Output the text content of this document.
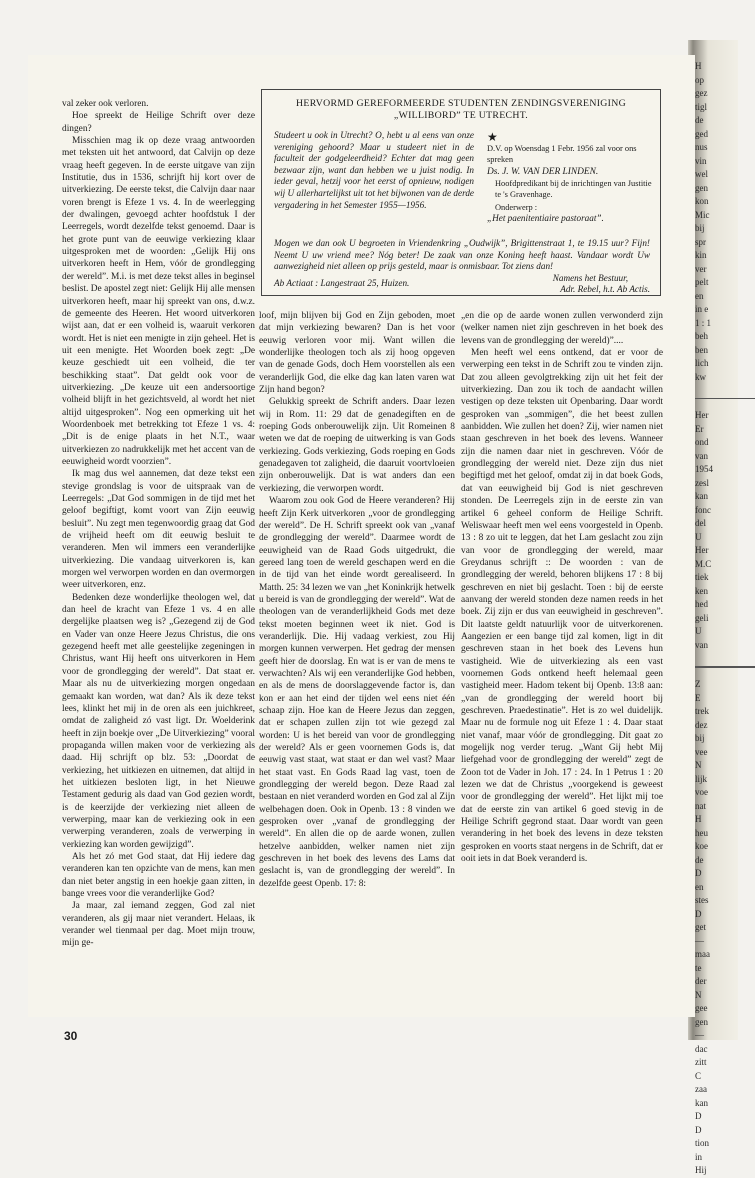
val zeker ook verloren.

Hoe spreekt de Heilige Schrift over deze dingen?

Misschien mag ik op deze vraag antwoorden met teksten uit het antwoord, dat Calvijn op deze vraag heeft gegeven. In de eerste uitgave van zijn Institutie, dus in 1536, schrijft hij kort over de uitverkiezing. De eerste tekst, die Calvijn daar naar voren brengt is Efeze 1 vs. 4. In de weerlegging der dwalingen, gevoegd achter hoofdstuk I der Leerregels, wordt dezelfde tekst genoemd. Daar is het grote punt van de eeuwige verkiezing klaar uitgesproken met de woorden: „Gelijk Hij ons uitverkoren heeft in Hem, vóór de grondlegging der wereld”. M.i. is met deze tekst alles in beginsel beslist. De apostel zegt niet: Gelijk Hij alle mensen uitverkoren heeft, maar hij spreekt van ons, d.w.z. de gemeente des Heeren. Het woord uitverkoren wijst aan, dat er een volheid is, waaruit verkoren wordt. Het is niet een menigte in zijn geheel. Het is uit een menigte. Het Woorden boek zegt: „De keuze geschiedt uit een volheid, die ter beschikking staat”. Dat geldt ook voor de uitverkiezing. „De keuze uit een andersoortige volheid blijft in het gezichtsveld, al wordt het niet altijd uitgesproken”. Nog een opmerking uit het Woordenboek met betrekking tot Efeze 1 vs. 4: „Dit is de enige plaats in het N.T., waar uitverkiezen zo nadrukkelijk met het accent van de eeuwigheid wordt voorzien”.

Ik mag dus wel aannemen, dat deze tekst een stevige grondslag is voor de uitspraak van de Leerregels: „Dat God sommigen in de tijd met het geloof begiftigt, komt voort van Zijn eeuwig besluit”. Nu zegt men tegenwoordig graag dat God de vrijheid heeft om dit eeuwig besluit te veranderen. Men wil immers een veranderlijke uitverkiezing. Die vandaag uitverkoren is, kan morgen wel verworpen worden en dan overmorgen weer uitverkoren, enz.

Bedenken deze wonderlijke theologen wel, dat dan heel de kracht van Efeze 1 vs. 4 en alle dergelijke plaatsen weg is? „Gezegend zij de God en Vader van onze Heere Jezus Christus, die ons gezegend heeft met alle geestelijke zegeningen in Christus, want Hij heeft ons uitverkoren in Hem voor de grondlegging der wereld”. Dat staat er. Maar als nu de uitverkiezing morgen ongedaan gemaakt kan worden, wat dan? Als ik deze tekst lees, klinkt het mij in de oren als een juichkreet, omdat de zaligheid zó vast ligt. Dr. Woelderink heeft in zijn boekje over „De Uitverkiezing” vooral propaganda willen maken voor de verkiezing als daad. Hij schrijft op blz. 53: „Doordat de verkiezing, het uitkiezen en uitnemen, dat altijd in het uitkiezen besloten ligt, in het Nieuwe Testament gedurig als daad van God gezien wordt, is de keerzijde der verkiezing niet alleen de verwerping, maar kan de verkiezing ook in een verwerping veranderen, zoals de verwerping in verkiezing kan worden gewijzigd”.

Als het zó met God staat, dat Hij iedere dag veranderen kan ten opzichte van de mens, kan men dan niet beter angstig in een hoekje gaan zitten, in bange vrees voor die veranderlijke God?

Ja maar, zal iemand zeggen, God zal niet veranderen, als gij maar niet verandert. Helaas, ik verander wel tienmaal per dag. Moet mijn trouw, mijn ge-

HERVORMD GEREFORMEERDE STUDENTEN ZENDINGSVERENIGING
„WILLIBORD” TE UTRECHT.
Studeert u ook in Utrecht? O, hebt u al eens van onze vereniging gehoord? Maar u studeert niet in de faculteit der godgeleerdheid? Echter dat mag geen bezwaar zijn, want dan hebben we u juist nodig. In ieder geval, hetzij voor het eerst of opnieuw, nodigen wij U allerhartelijkst uit tot het bijwonen van de derde vergadering in het Semester 1955—1956.
★
D.V. op Woensdag 1 Febr. 1956 zal voor ons spreken
Ds. J. W. VAN DER LINDEN.
Hoofdpredikant bij de inrichtingen van Justitie te 's Gravenhage.
Onderwerp :
„Het paenitentiaire pastoraat”.
Mogen we dan ook U begroeten in Vriendenkring „Oudwijk”, Brigittenstraat 1, te 19.15 uur? Fijn! Neemt U uw vriend mee? Nóg beter! De zaak van onze Koning heeft haast. Vandaar wordt Uw aanwezigheid niet alleen op prijs gesteld, maar is onmisbaar. Tot ziens dan!
Namens het Bestuur,
Adr. Rebel, h.t. Ab Actis.
Ab Actiaat : Langestraat 25, Huizen.

loof, mijn blijven bij God en Zijn geboden, moet dat mijn verkiezing bewaren? Dan is het voor eeuwig verloren voor mij. Want willen die wonderlijke theologen toch als zij hoog opgeven van de genade Gods, doch Hem voorstellen als een veranderlijk God, die elke dag kan laten varen wat Zijn hand begon?

Gelukkig spreekt de Schrift anders. Daar lezen wij in Rom. 11: 29 dat de genadegiften en de roeping Gods onberouwelijk zijn. Uit Romeinen 8 weten we dat de roeping de uitwerking is van Gods verkiezing. Gods verkiezing, Gods roeping en Gods genadegaven tot zaligheid, die daaruit voortvloeien zijn onberouwelijk. Dat is wat anders dan een verkiezing, die verworpen wordt.

Waarom zou ook God de Heere veranderen? Hij heeft Zijn Kerk uitverkoren „voor de grondlegging der wereld”. De H. Schrift spreekt ook van „vanaf de grondlegging der wereld”. Daarmee wordt de eeuwigheid van de Raad Gods uitgedrukt, die gereed lang toen de wereld geschapen werd en die in de tijd van het einde wordt gerealiseerd. In Matth. 25: 34 lezen we van „het Koninkrijk hetwelk u bereid is van de grondlegging der wereld”. Wat de theologen van de veranderlijkheid Gods met deze tekst moeten beginnen weet ik niet. God is veranderlijk. Die. Hij vadaag verkiest, zou Hij morgen kunnen verwerpen. Het gedrag der mensen geeft hier de doorslag. En wat is er van de mens te verwachten? Als wij een veranderlijke God hebben, en als de mens de doorslaggevende factor is, dan kon er aan het eind der tijden wel eens niet één schaap zijn. Hoe kan de Heere Jezus dan zeggen, dat er schapen zullen zijn tot wie gezegd zal worden: U is het bereid van voor de grondlegging der wereld? Als er geen voornemen Gods is, dat eeuwig vast staat, wat staat er dan wel vast? Maar het staat vast. En Gods Raad lag vast, toen de grondlegging der wereld begon. Deze Raad zal bestaan en niet veranderd worden en God zal al Zijn welbehagen doen. Ook in Openb. 13 : 8 vinden we gesproken over „vanaf de grondlegging der wereld”. En allen die op de aarde wonen, zullen hetzelve aanbidden, welker namen niet zijn geschreven in het boek des levens des Lams dat geslacht is, van de grondlegging der wereld”. In dezelfde geest Openb. 17: 8:

„en die op de aarde wonen zullen verwonderd zijn (welker namen niet zijn geschreven in het boek des levens van de grondlegging der wereld)”....

Men heeft wel eens ontkend, dat er voor de verwerping een tekst in de Schrift zou te vinden zijn. Dat zou alleen gevolgtrekking zijn uit het feit der uitverkiezing. Dan zou ik toch de aandacht willen vestigen op deze teksten uit Openbaring. Daar wordt gesproken van „sommigen”, die het beest zullen aanbidden. Wie zullen het doen? Zij, wier namen niet staan geschreven in het boek des levens. Wanneer zijn die namen daar niet in geschreven. Vóór de grondlegging der wereld niet. Deze zijn dus niet begiftigd met het geloof, omdat zij in dat boek Gods, dat van eeuwigheid bij God is niet geschreven stonden. De Leerregels zijn in de eerste zin van artikel 6 geheel conform de Heilige Schrift. Weliswaar heeft men wel eens voorgesteld in Openb. 13 : 8 zo uit te leggen, dat het Lam geslacht zou zijn van voor de grondlegging der wereld, maar Greydanus schrijft :: De woorden : van de grondlegging der wereld, behoren blijkens 17 : 8 bij geschreven en niet bij geslacht. Toen : bij de eerste aanvang der wereld stonden deze namen reeds in het boek. Zij zijn er dus van eeuwigheid in geschreven”. Dit laatste geldt natuurlijk voor de uitverkorenen. Aangezien er een bange tijd zal komen, ligt in dit geschreven staan in het boek des Levens hun vastigheid. Wie de uitverkiezing als een vast voornemen Gods ontkend heeft helemaal geen vastigheid meer. Hadom tekent bij Openb. 13:8 aan: „van de grondlegging der wereld hoort bij geschreven. Praedestinatie”. Het is zo wel duidelijk. Maar nu de formule nog uit Efeze 1 : 4. Daar staat niet vanaf, maar vóór de grondlegging. Dit gaat zo mogelijk nog verder terug. „Want Gij hebt Mij liefgehad voor de grondlegging der wereld” zegt de Zoon tot de Vader in Joh. 17 : 24. In 1 Petrus 1 : 20 lezen we dat de Christus „voorgekend is geweest voor de grondlegging der wereld”. Het lijkt mij toe dat de eerste zin van artikel 6 goed stevig in de Heilige Schrift gegrond staat. Daar wordt van geen verandering in het boek des levens in deze teksten gesproken en voorts staat nergens in de Schrift, dat er ooit iets in dat Boek veranderd is.

30
H
op
gez
tigl
de
ged
nus
vin
wel
gen
kon
Mic
bij
spr
kin
ver
pelt
en
in e
1 : 1
beh
ben
lich
kw
Her
Er
ond
van
1954
zesl
kan
fonc
del
U
Her
M.C
tiek
ken
hed
geli
U
van
Z
E
trek
dez
bij
vee
N
lijk
voe
nat
H
heu
koe
de
D
en
stes
D
get
—
maa
te
der
N
gee
gen
—
dac
zitt
C
zaa
kan
D
D
tion
in
Hij
